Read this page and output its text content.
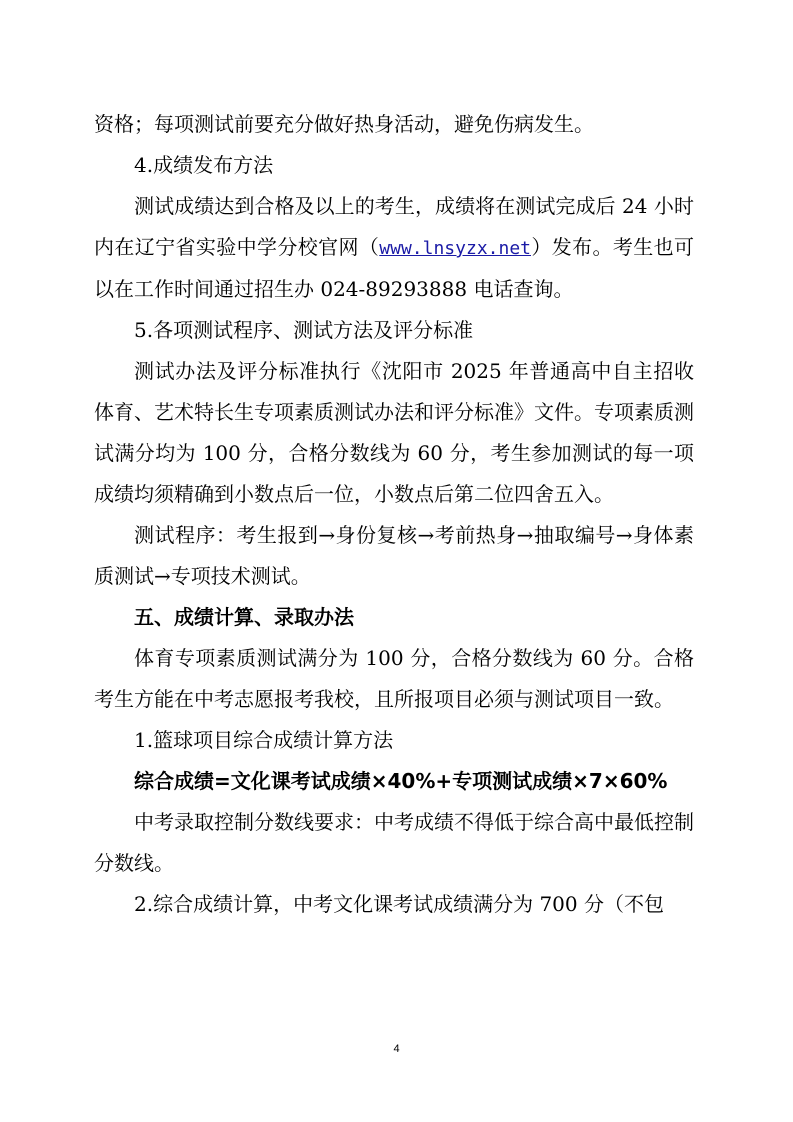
资格；每项测试前要充分做好热身活动，避免伤病发生。

4.成绩发布方法

测试成绩达到合格及以上的考生，成绩将在测试完成后 24 小时内在辽宁省实验中学分校官网（www.lnsyzx.net）发布。考生也可以在工作时间通过招生办 024-89293888 电话查询。

5.各项测试程序、测试方法及评分标准

测试办法及评分标准执行《沈阳市 2025 年普通高中自主招收体育、艺术特长生专项素质测试办法和评分标准》文件。专项素质测试满分均为 100 分，合格分数线为 60 分，考生参加测试的每一项成绩均须精确到小数点后一位，小数点后第二位四舍五入。

测试程序：考生报到→身份复核→考前热身→抽取编号→身体素质测试→专项技术测试。

五、成绩计算、录取办法

体育专项素质测试满分为 100 分，合格分数线为 60 分。合格考生方能在中考志愿报考我校，且所报项目必须与测试项目一致。

1.篮球项目综合成绩计算方法

综合成绩=文化课考试成绩×40%+专项测试成绩×7×60%

中考录取控制分数线要求：中考成绩不得低于综合高中最低控制分数线。

2.综合成绩计算，中考文化课考试成绩满分为 700 分（不包

4
